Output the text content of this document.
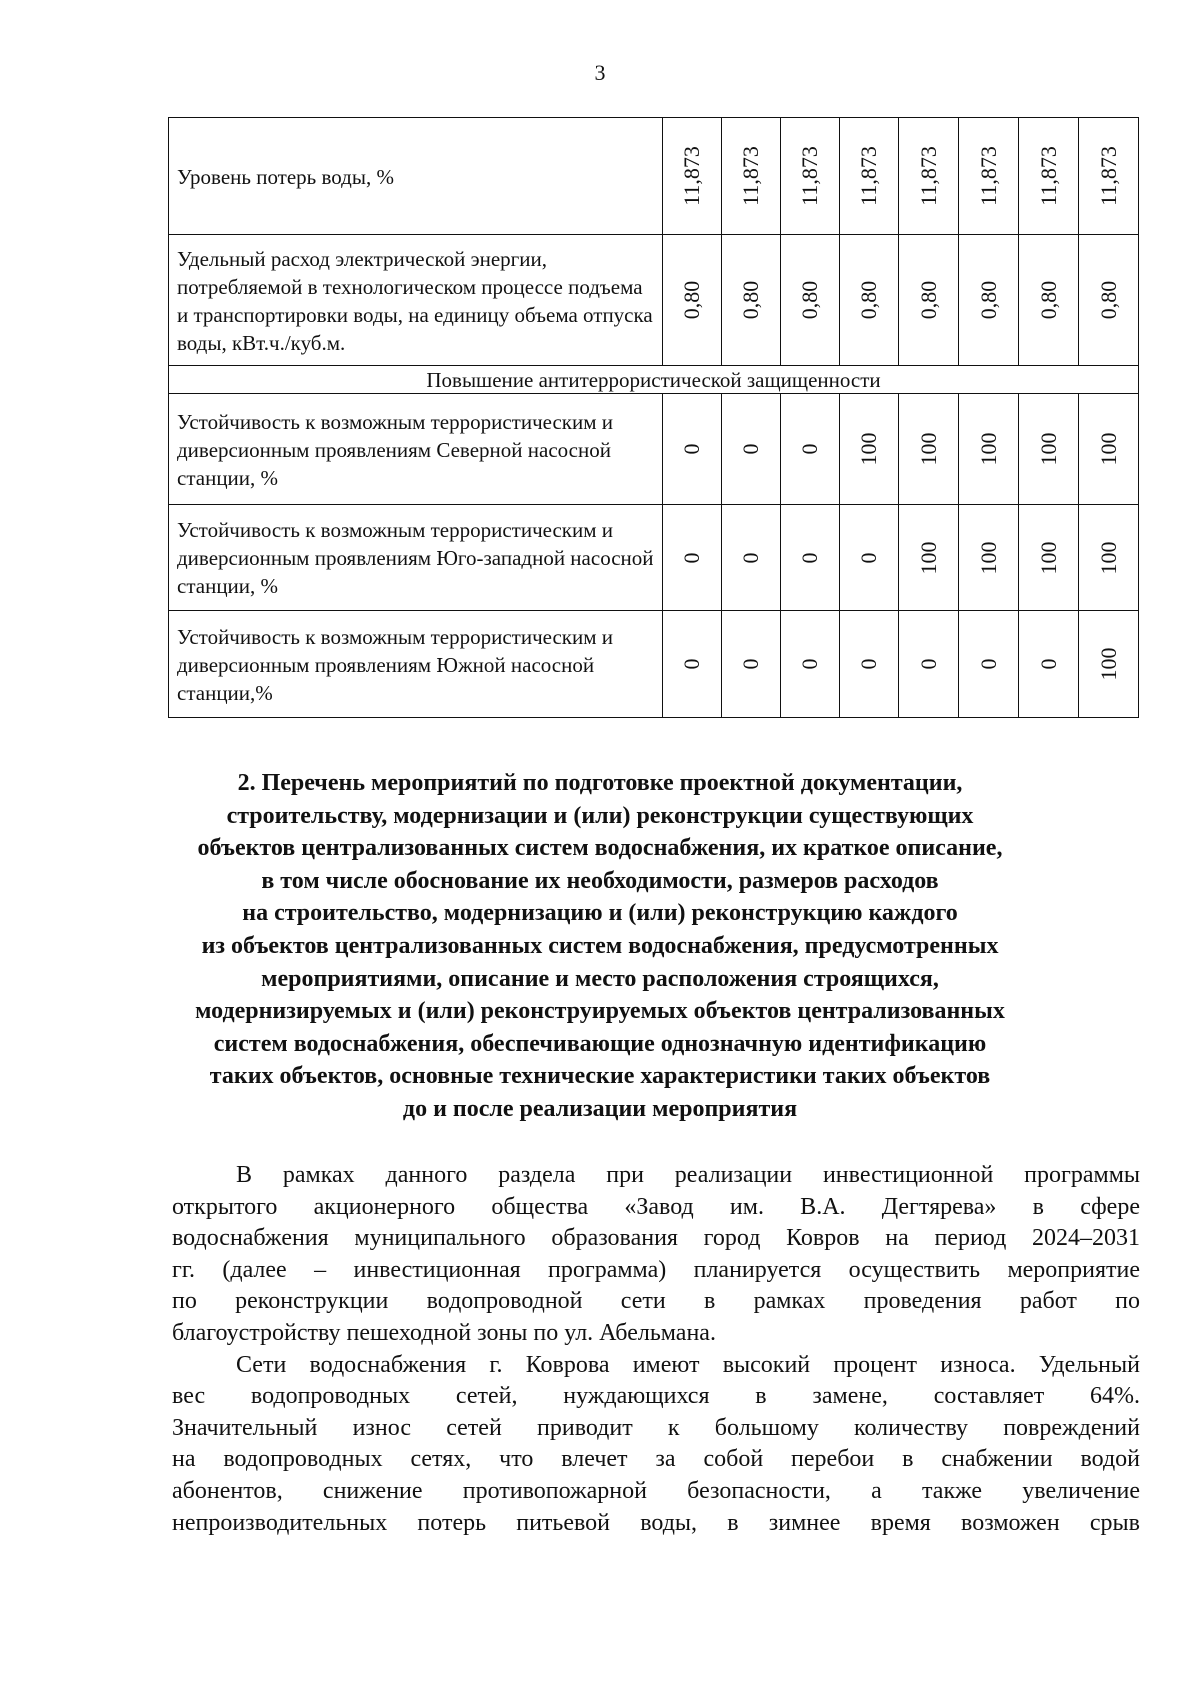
3
Уровень потерь воды, %	11,873	11,873	11,873	11,873	11,873	11,873	11,873	11,873

Удельный расход электрической энергии, потребляемой в технологическом процессе подъема и транспортировки воды, на единицу объема отпуска воды, кВт.ч./куб.м.	0,80	0,80	0,80	0,80	0,80	0,80	0,80	0,80

Повышение антитеррористической защищенности								
Устойчивость к возможным террористическим и диверсионным проявлениям Северной насосной станции, %	0	0	0	100	100	100	100	100

Устойчивость к возможным террористическим и диверсионным проявлениям Юго-западной насосной станции, %	0	0	0	0	100	100	100	100

Устойчивость к возможным террористическим и диверсионным проявлениям Южной насосной станции,%	0	0	0	0	0	0	0	100
2. Перечень мероприятий по подготовке проектной документации,
строительству, модернизации и (или) реконструкции существующих
объектов централизованных систем водоснабжения, их краткое описание,
в том числе обоснование их необходимости, размеров расходов
на строительство, модернизацию и (или) реконструкцию каждого
из объектов централизованных систем водоснабжения, предусмотренных
мероприятиями, описание и место расположения строящихся,
модернизируемых и (или) реконструируемых объектов централизованных
систем водоснабжения, обеспечивающие однозначную идентификацию
таких объектов, основные технические характеристики таких объектов
до и после реализации мероприятия
В рамках данного раздела при реализации инвестиционной программы
открытого акционерного общества «Завод им. В.А. Дегтярева» в сфере
водоснабжения муниципального образования город Ковров на период 2024–2031
гг. (далее – инвестиционная программа) планируется осуществить мероприятие
по реконструкции водопроводной сети в рамках проведения работ по
благоустройству пешеходной зоны по ул. Абельмана.
Сети водоснабжения г. Коврова имеют высокий процент износа. Удельный
вес водопроводных сетей, нуждающихся в замене, составляет 64%.
Значительный износ сетей приводит к большому количеству повреждений
на водопроводных сетях, что влечет за собой перебои в снабжении водой
абонентов, снижение противопожарной безопасности, а также увеличение
непроизводительных потерь питьевой воды, в зимнее время возможен срыв
